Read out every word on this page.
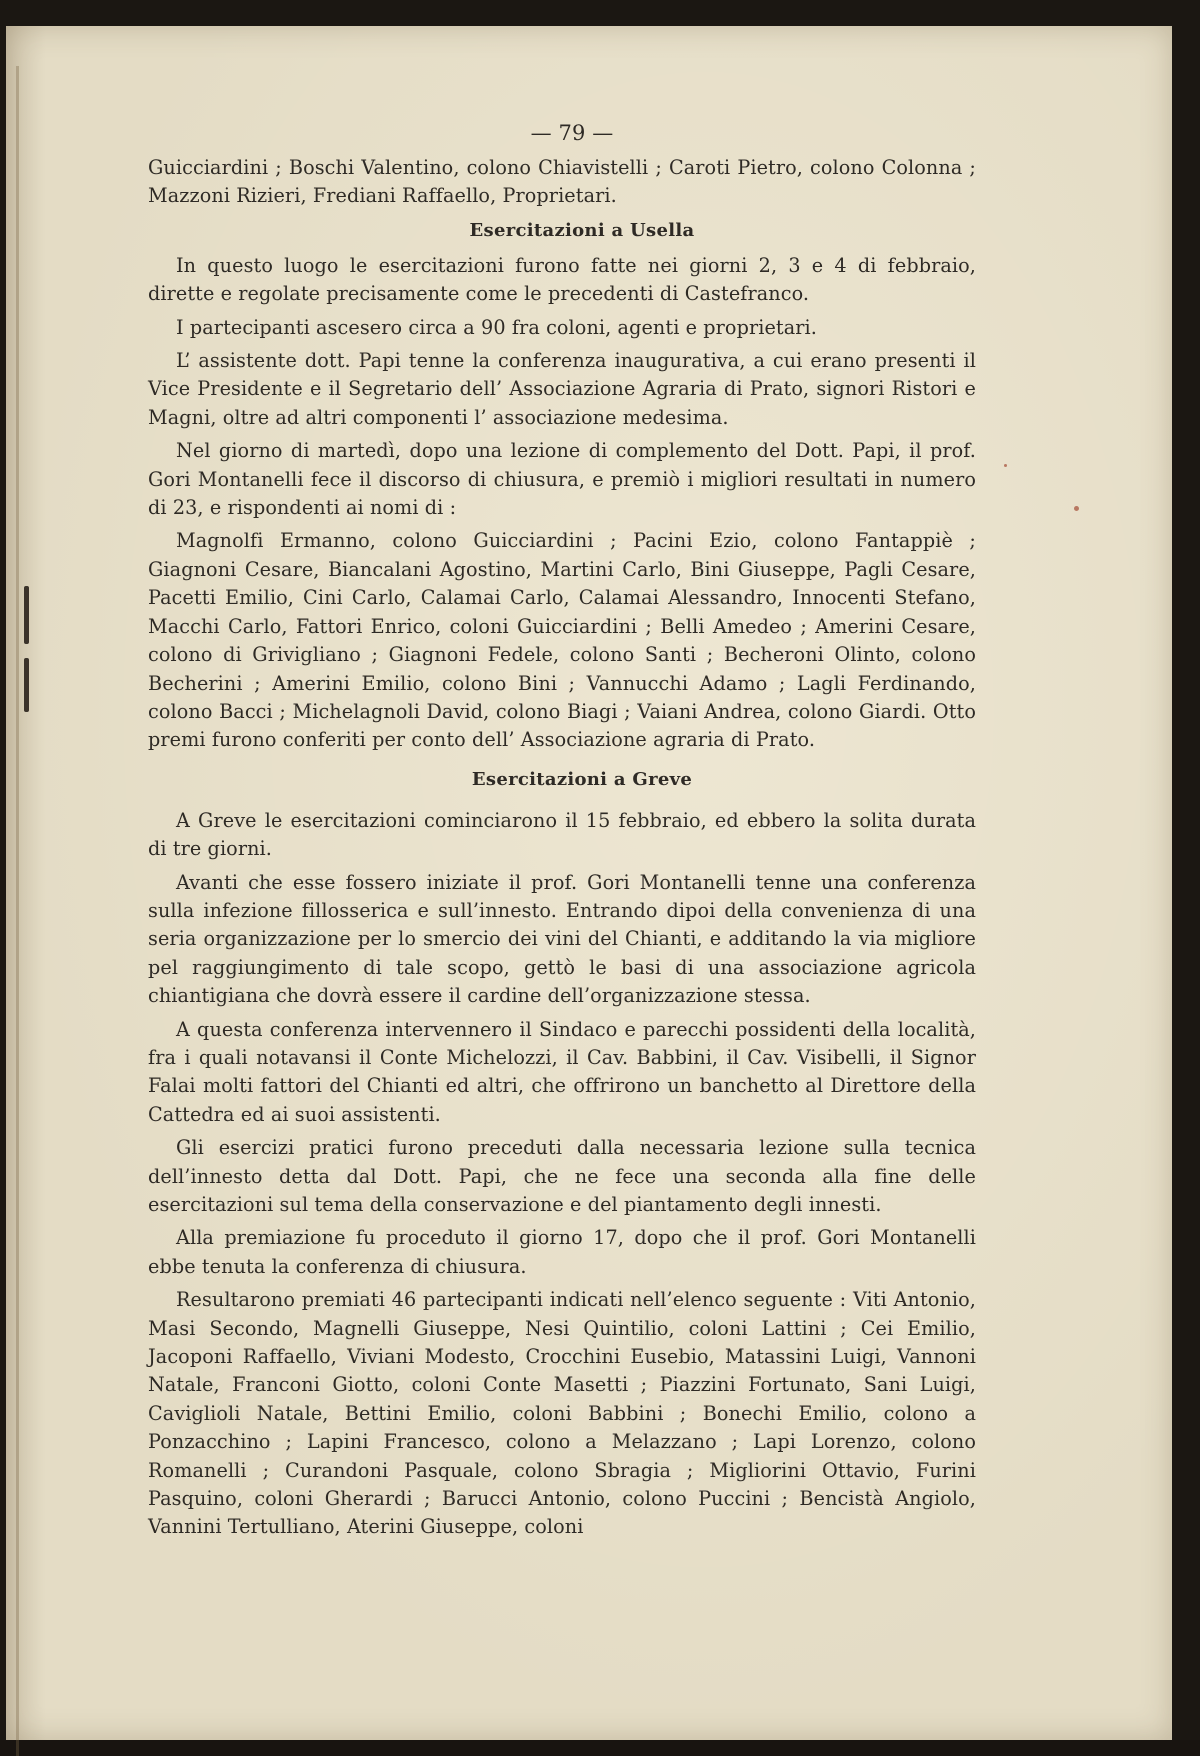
— 79 —

Guicciardini ; Boschi Valentino, colono Chiavistelli ; Caroti Pietro, colono Colonna ; Mazzoni Rizieri, Frediani Raffaello, Proprietari.

Esercitazioni a Usella

In questo luogo le esercitazioni furono fatte nei giorni 2, 3 e 4 di febbraio, dirette e regolate precisamente come le precedenti di Castefranco.

I partecipanti ascesero circa a 90 fra coloni, agenti e proprietari.

L’ assistente dott. Papi tenne la conferenza inaugurativa, a cui erano presenti il Vice Presidente e il Segretario dell’ Associazione Agraria di Prato, signori Ristori e Magni, oltre ad altri componenti l’ associazione medesima.

Nel giorno di martedì, dopo una lezione di complemento del Dott. Papi, il prof. Gori Montanelli fece il discorso di chiusura, e premiò i migliori resultati in numero di 23, e rispondenti ai nomi di :

Magnolfi Ermanno, colono Guicciardini ; Pacini Ezio, colono Fantappiè ; Giagnoni Cesare, Biancalani Agostino, Martini Carlo, Bini Giuseppe, Pagli Cesare, Pacetti Emilio, Cini Carlo, Calamai Carlo, Calamai Alessandro, Innocenti Stefano, Macchi Carlo, Fattori Enrico, coloni Guicciardini ; Belli Amedeo ; Amerini Cesare, colono di Grivigliano ; Giagnoni Fedele, colono Santi ; Becheroni Olinto, colono Becherini ; Amerini Emilio, colono Bini ; Vannucchi Adamo ; Lagli Ferdinando, colono Bacci ; Michelagnoli David, colono Biagi ; Vaiani Andrea, colono Giardi. Otto premi furono conferiti per conto dell’ Associazione agraria di Prato.

Esercitazioni a Greve

A Greve le esercitazioni cominciarono il 15 febbraio, ed ebbero la solita durata di tre giorni.

Avanti che esse fossero iniziate il prof. Gori Montanelli tenne una conferenza sulla infezione fillosserica e sull’innesto. Entrando dipoi della convenienza di una seria organizzazione per lo smercio dei vini del Chianti, e additando la via migliore pel raggiungimento di tale scopo, gettò le basi di una associazione agricola chiantigiana che dovrà essere il cardine dell’organizzazione stessa.

A questa conferenza intervennero il Sindaco e parecchi possidenti della località, fra i quali notavansi il Conte Michelozzi, il Cav. Babbini, il Cav. Visibelli, il Signor Falai molti fattori del Chianti ed altri, che offrirono un banchetto al Direttore della Cattedra ed ai suoi assistenti.

Gli esercizi pratici furono preceduti dalla necessaria lezione sulla tecnica dell’innesto detta dal Dott. Papi, che ne fece una seconda alla fine delle esercitazioni sul tema della conservazione e del piantamento degli innesti.

Alla premiazione fu proceduto il giorno 17, dopo che il prof. Gori Montanelli ebbe tenuta la conferenza di chiusura.

Resultarono premiati 46 partecipanti indicati nell’elenco seguente : Viti Antonio, Masi Secondo, Magnelli Giuseppe, Nesi Quintilio, coloni Lattini ; Cei Emilio, Jacoponi Raffaello, Viviani Modesto, Crocchini Eusebio, Matassini Luigi, Vannoni Natale, Franconi Giotto, coloni Conte Masetti ; Piazzini Fortunato, Sani Luigi, Caviglioli Natale, Bettini Emilio, coloni Babbini ; Bonechi Emilio, colono a Ponzacchino ; Lapini Francesco, colono a Melazzano ; Lapi Lorenzo, colono Romanelli ; Curandoni Pasquale, colono Sbragia ; Migliorini Ottavio, Furini Pasquino, coloni Gherardi ; Barucci Antonio, colono Puccini ; Bencistà Angiolo, Vannini Tertulliano, Aterini Giuseppe, coloni
